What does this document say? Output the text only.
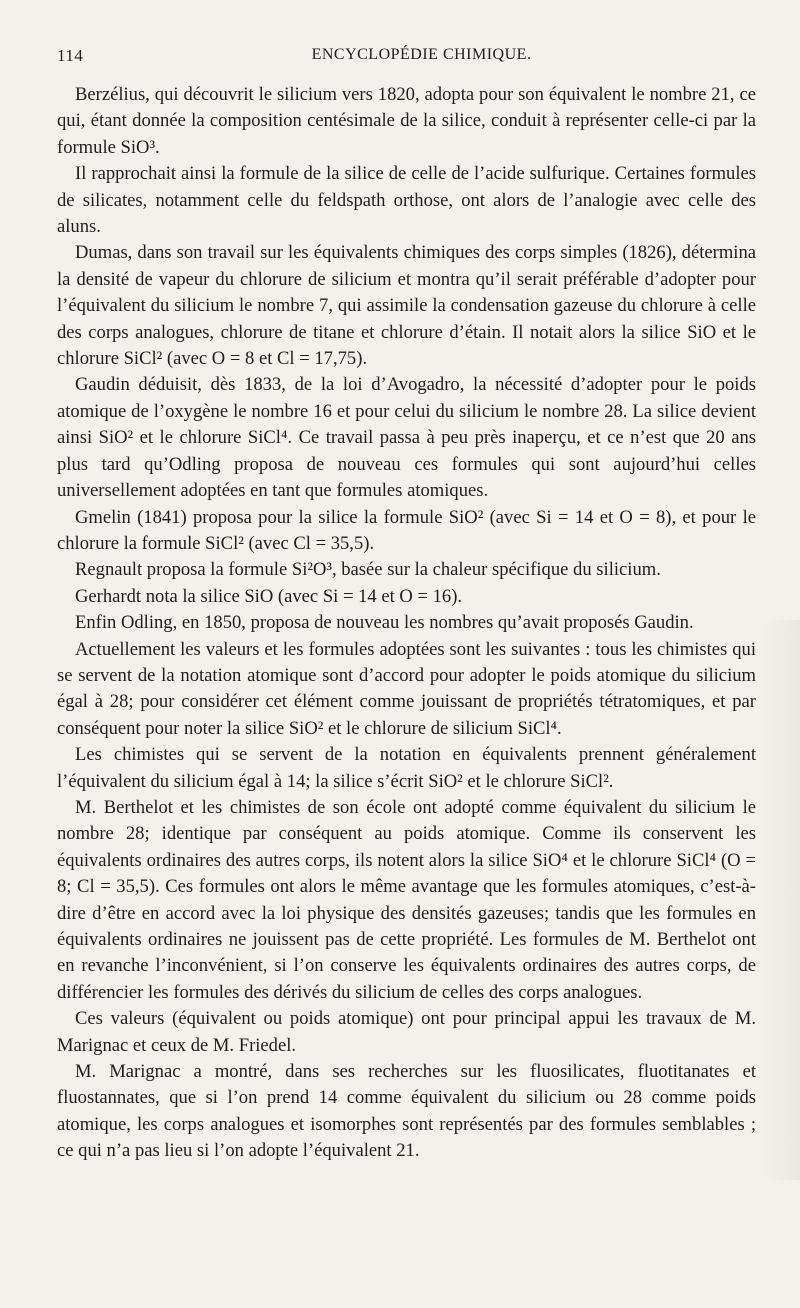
114	ENCYCLOPÉDIE CHIMIQUE.

Berzélius, qui découvrit le silicium vers 1820, adopta pour son équivalent le nombre 21, ce qui, étant donnée la composition centésimale de la silice, conduit à représenter celle-ci par la formule SiO³.

Il rapprochait ainsi la formule de la silice de celle de l’acide sulfurique. Certaines formules de silicates, notamment celle du feldspath orthose, ont alors de l’analogie avec celle des aluns.

Dumas, dans son travail sur les équivalents chimiques des corps simples (1826), détermina la densité de vapeur du chlorure de silicium et montra qu’il serait préférable d’adopter pour l’équivalent du silicium le nombre 7, qui assimile la condensation gazeuse du chlorure à celle des corps analogues, chlorure de titane et chlorure d’étain. Il notait alors la silice SiO et le chlorure SiCl² (avec O = 8 et Cl = 17,75).

Gaudin déduisit, dès 1833, de la loi d’Avogadro, la nécessité d’adopter pour le poids atomique de l’oxygène le nombre 16 et pour celui du silicium le nombre 28. La silice devient ainsi SiO² et le chlorure SiCl⁴. Ce travail passa à peu près inaperçu, et ce n’est que 20 ans plus tard qu’Odling proposa de nouveau ces formules qui sont aujourd’hui celles universellement adoptées en tant que formules atomiques.

Gmelin (1841) proposa pour la silice la formule SiO² (avec Si = 14 et O = 8), et pour le chlorure la formule SiCl² (avec Cl = 35,5).

Regnault proposa la formule Si²O³, basée sur la chaleur spécifique du silicium.

Gerhardt nota la silice SiO (avec Si = 14 et O = 16).

Enfin Odling, en 1850, proposa de nouveau les nombres qu’avait proposés Gaudin.

Actuellement les valeurs et les formules adoptées sont les suivantes : tous les chimistes qui se servent de la notation atomique sont d’accord pour adopter le poids atomique du silicium égal à 28; pour considérer cet élément comme jouissant de propriétés tétratomiques, et par conséquent pour noter la silice SiO² et le chlorure de silicium SiCl⁴.

Les chimistes qui se servent de la notation en équivalents prennent généralement l’équivalent du silicium égal à 14; la silice s’écrit SiO² et le chlorure SiCl².

M. Berthelot et les chimistes de son école ont adopté comme équivalent du silicium le nombre 28; identique par conséquent au poids atomique. Comme ils conservent les équivalents ordinaires des autres corps, ils notent alors la silice SiO⁴ et le chlorure SiCl⁴ (O = 8; Cl = 35,5). Ces formules ont alors le même avantage que les formules atomiques, c’est-à-dire d’être en accord avec la loi physique des densités gazeuses; tandis que les formules en équivalents ordinaires ne jouissent pas de cette propriété. Les formules de M. Berthelot ont en revanche l’inconvénient, si l’on conserve les équivalents ordinaires des autres corps, de différencier les formules des dérivés du silicium de celles des corps analogues.

Ces valeurs (équivalent ou poids atomique) ont pour principal appui les travaux de M. Marignac et ceux de M. Friedel.

M. Marignac a montré, dans ses recherches sur les fluosilicates, fluotitanates et fluostannates, que si l’on prend 14 comme équivalent du silicium ou 28 comme poids atomique, les corps analogues et isomorphes sont représentés par des formules semblables ; ce qui n’a pas lieu si l’on adopte l’équivalent 21.
